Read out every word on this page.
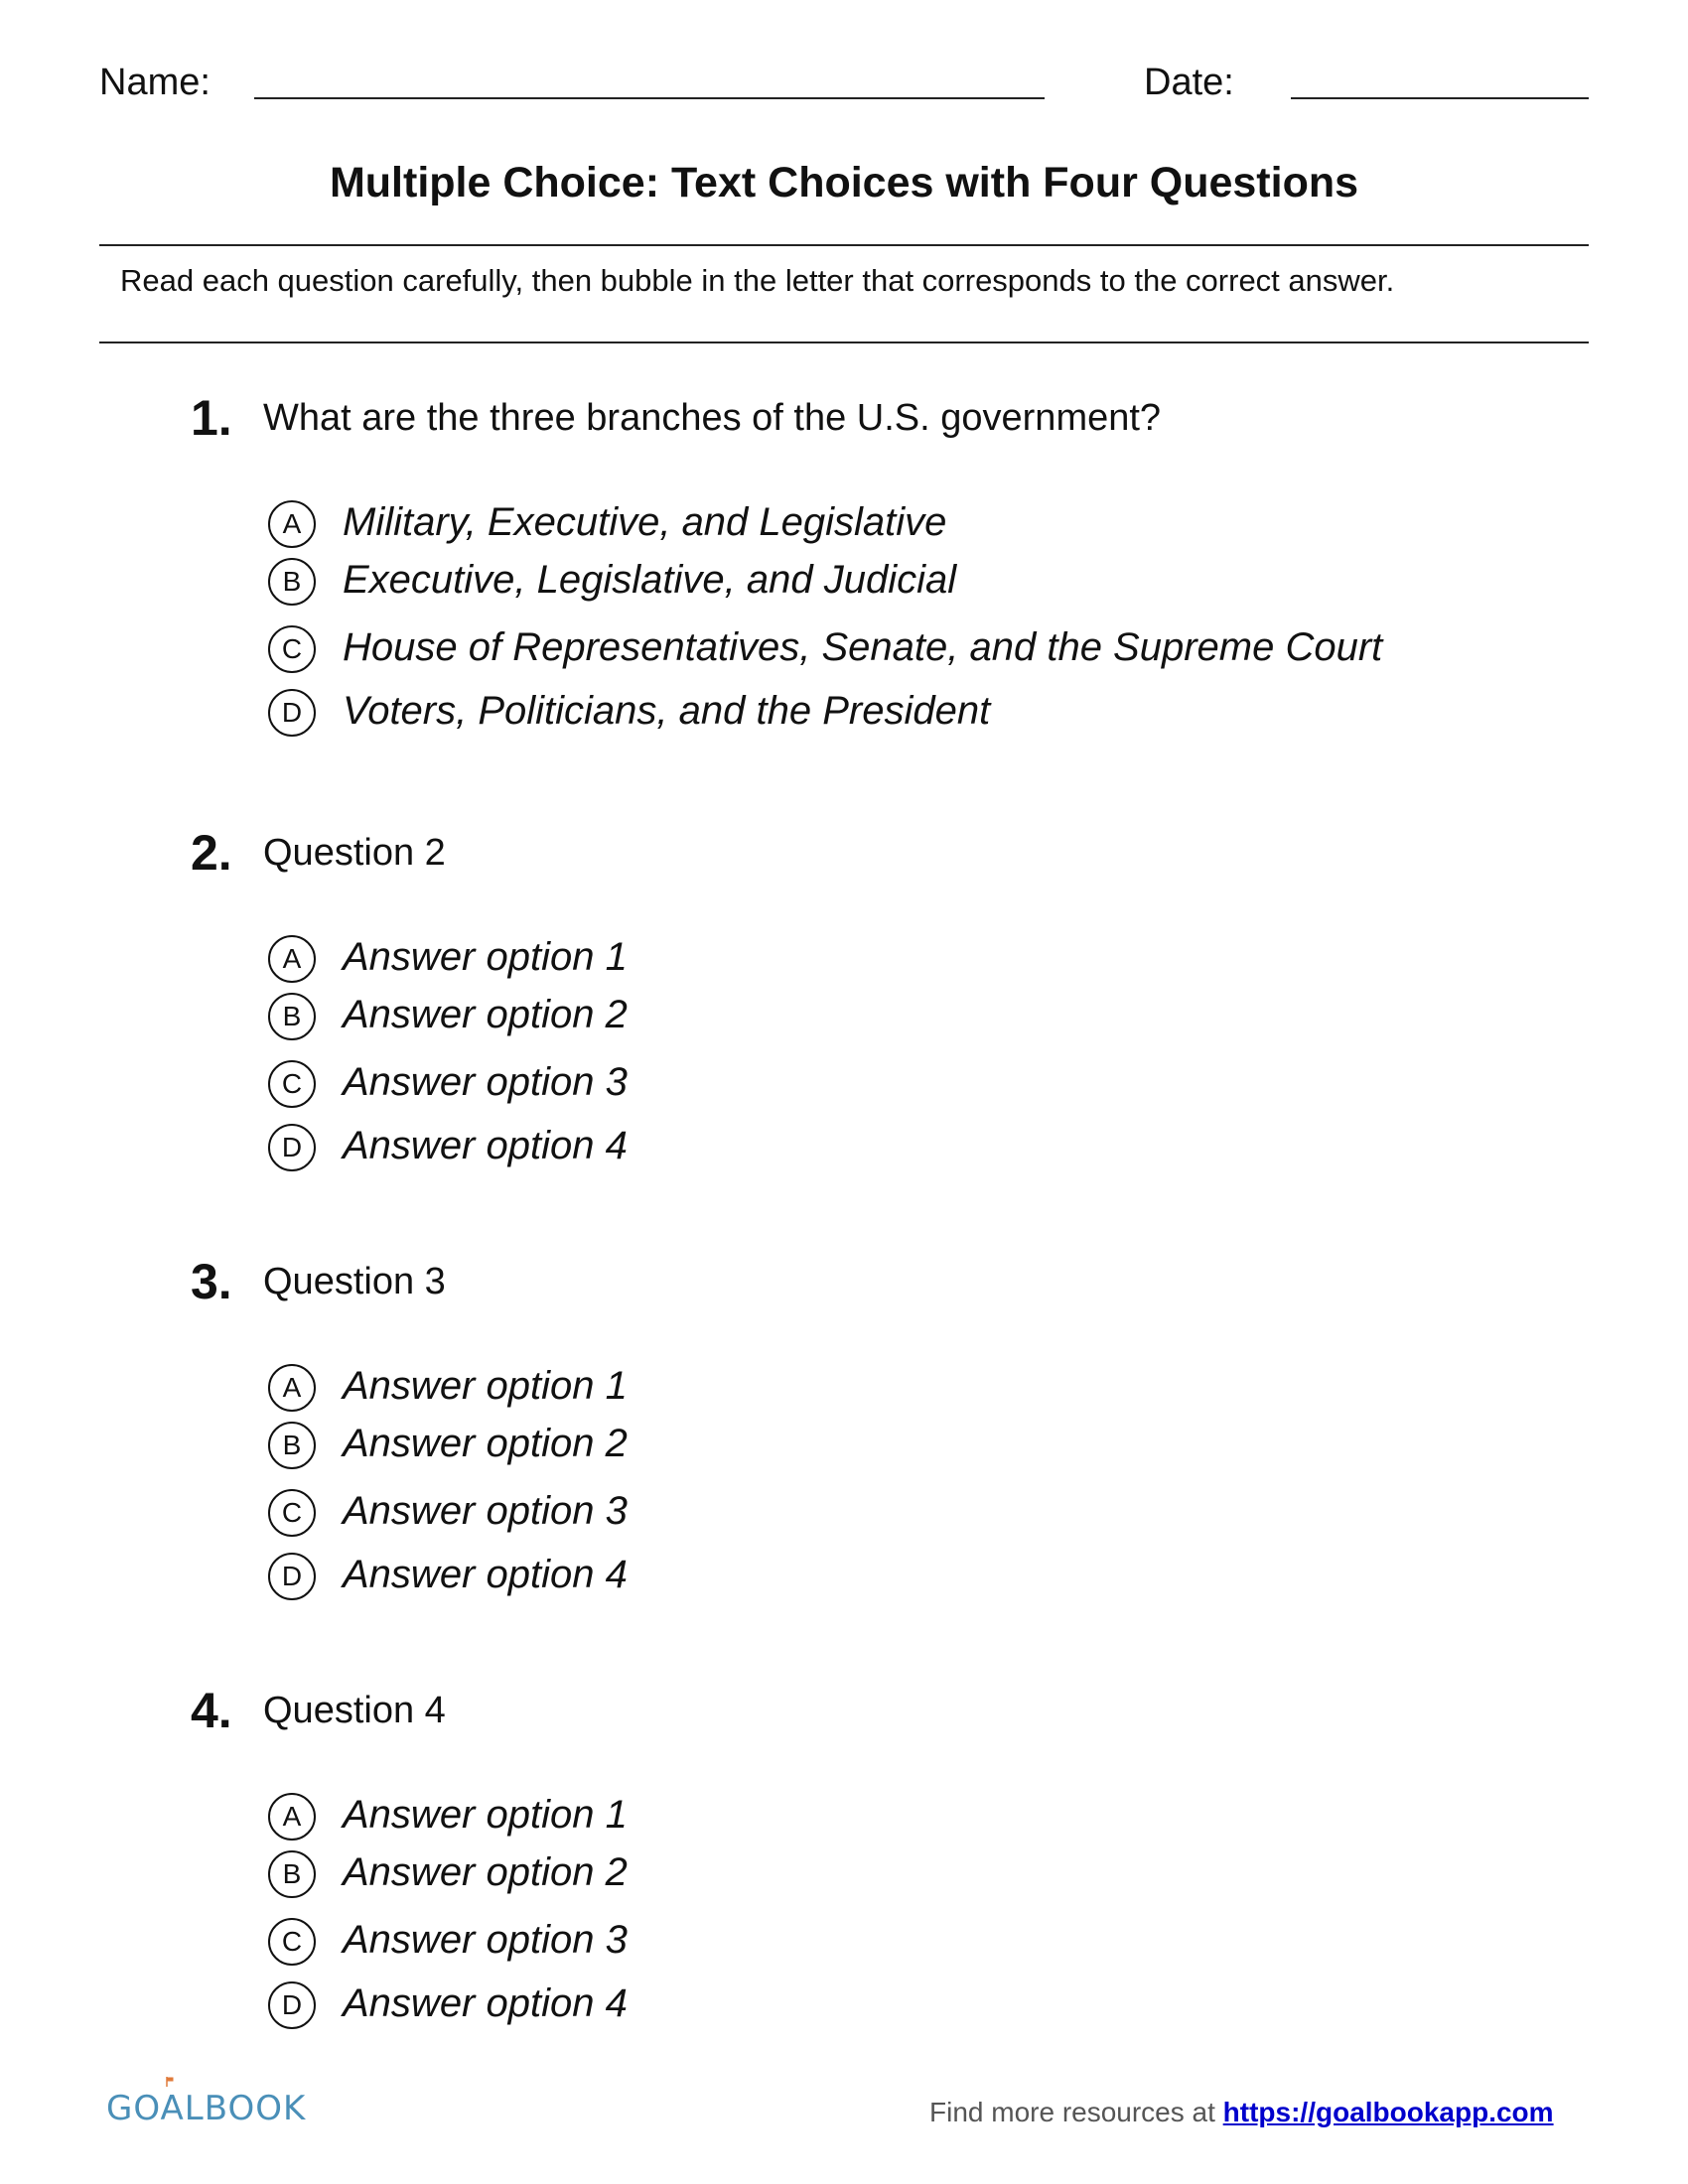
Name:	Date:
Multiple Choice: Text Choices with Four Questions
Read each question carefully, then bubble in the letter that corresponds to the correct answer.
1. What are the three branches of the U.S. government?
A	Military, Executive, and Legislative
B	Executive, Legislative, and Judicial
C	House of Representatives, Senate, and the Supreme Court
D	Voters, Politicians, and the President
2. Question 2
A	Answer option 1
B	Answer option 2
C	Answer option 3
D	Answer option 4
3. Question 3
A	Answer option 1
B	Answer option 2
C	Answer option 3
D	Answer option 4
4. Question 4
A	Answer option 1
B	Answer option 2
C	Answer option 3
D	Answer option 4
GOALBOOK	Find more resources at https://goalbookapp.com
